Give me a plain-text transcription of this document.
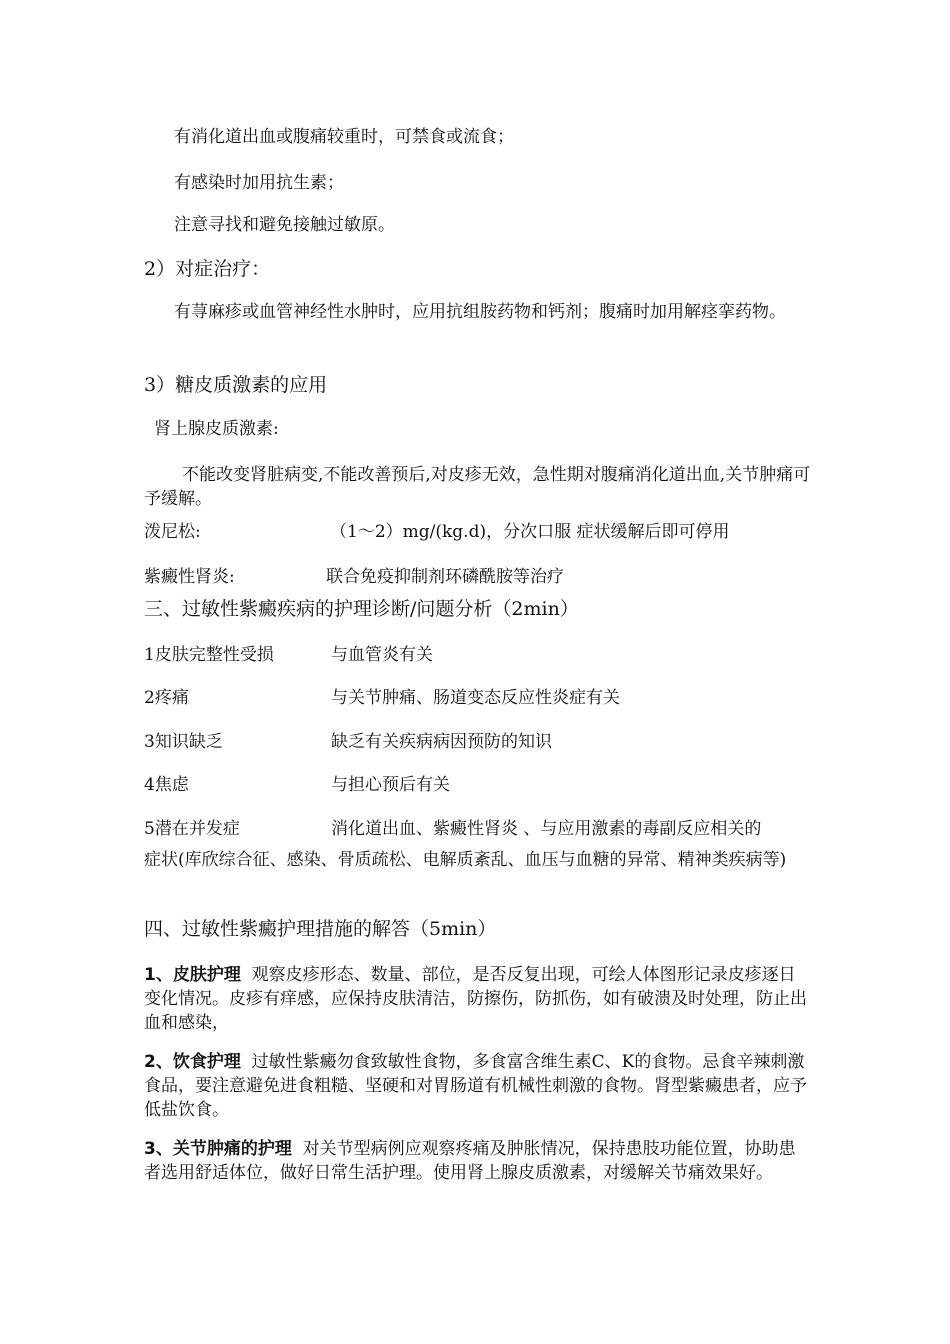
有消化道出血或腹痛较重时，可禁食或流食；
有感染时加用抗生素；
注意寻找和避免接触过敏原。
2）对症治疗：
有荨麻疹或血管神经性水肿时，应用抗组胺药物和钙剂；腹痛时加用解痉挛药物。
3）糖皮质激素的应用
肾上腺皮质激素:
不能改变肾脏病变,不能改善预后,对皮疹无效，急性期对腹痛消化道出血,关节肿痛可予缓解。
泼尼松:	（1～2）mg/(kg.d)，分次口服 症状缓解后即可停用
紫癜性肾炎:	联合免疫抑制剂环磷酰胺等治疗
三、过敏性紫癜疾病的护理诊断/问题分析（2min）
1皮肤完整性受损	与血管炎有关
2疼痛	与关节肿痛、肠道变态反应性炎症有关
3知识缺乏	缺乏有关疾病病因预防的知识
4焦虑	与担心预后有关
5潜在并发症	消化道出血、紫癜性肾炎 、与应用激素的毒副反应相关的
症状(库欣综合征、感染、骨质疏松、电解质紊乱、血压与血糖的异常、精神类疾病等)
四、过敏性紫癜护理措施的解答（5min）
1、皮肤护理 观察皮疹形态、数量、部位，是否反复出现，可绘人体图形记录皮疹逐日变化情况。皮疹有痒感，应保持皮肤清洁，防擦伤，防抓伤，如有破溃及时处理，防止出血和感染，
2、饮食护理 过敏性紫癜勿食致敏性食物，多食富含维生素C、K的食物。忌食辛辣刺激食品，要注意避免进食粗糙、坚硬和对胃肠道有机械性刺激的食物。肾型紫癜患者，应予低盐饮食。
3、关节肿痛的护理 对关节型病例应观察疼痛及肿胀情况，保持患肢功能位置，协助患者选用舒适体位，做好日常生活护理。使用肾上腺皮质激素，对缓解关节痛效果好。
